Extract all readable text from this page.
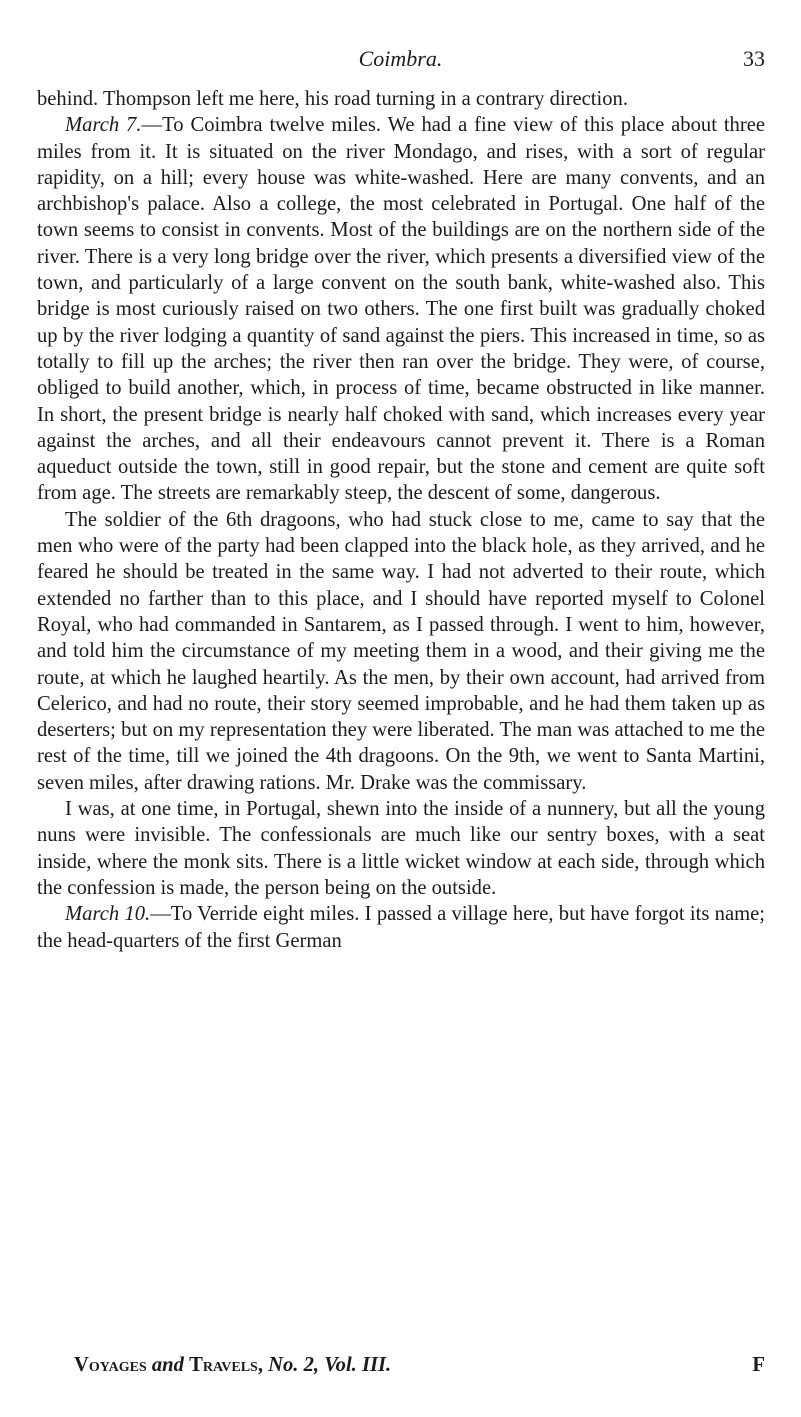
Coimbra.	33

behind. Thompson left me here, his road turning in a contrary direction.

March 7.—To Coimbra twelve miles. We had a fine view of this place about three miles from it. It is situated on the river Mondago, and rises, with a sort of regular rapidity, on a hill; every house was white-washed. Here are many convents, and an archbishop's palace. Also a college, the most celebrated in Portugal. One half of the town seems to consist in convents. Most of the buildings are on the northern side of the river. There is a very long bridge over the river, which presents a diversified view of the town, and particularly of a large convent on the south bank, white-washed also. This bridge is most curiously raised on two others. The one first built was gradually choked up by the river lodging a quantity of sand against the piers. This increased in time, so as totally to fill up the arches; the river then ran over the bridge. They were, of course, obliged to build another, which, in process of time, became obstructed in like manner. In short, the present bridge is nearly half choked with sand, which increases every year against the arches, and all their endeavours cannot prevent it. There is a Roman aqueduct outside the town, still in good repair, but the stone and cement are quite soft from age. The streets are remarkably steep, the descent of some, dangerous.

The soldier of the 6th dragoons, who had stuck close to me, came to say that the men who were of the party had been clapped into the black hole, as they arrived, and he feared he should be treated in the same way. I had not adverted to their route, which extended no farther than to this place, and I should have reported myself to Colonel Royal, who had commanded in Santarem, as I passed through. I went to him, however, and told him the circumstance of my meeting them in a wood, and their giving me the route, at which he laughed heartily. As the men, by their own account, had arrived from Celerico, and had no route, their story seemed improbable, and he had them taken up as deserters; but on my representation they were liberated. The man was attached to me the rest of the time, till we joined the 4th dragoons. On the 9th, we went to Santa Martini, seven miles, after drawing rations. Mr. Drake was the commissary.

I was, at one time, in Portugal, shewn into the inside of a nunnery, but all the young nuns were invisible. The confessionals are much like our sentry boxes, with a seat inside, where the monk sits. There is a little wicket window at each side, through which the confession is made, the person being on the outside.

March 10.—To Verride eight miles. I passed a village here, but have forgot its name; the head-quarters of the first German

Voyages and Travels, No. 2, Vol. III.	F
